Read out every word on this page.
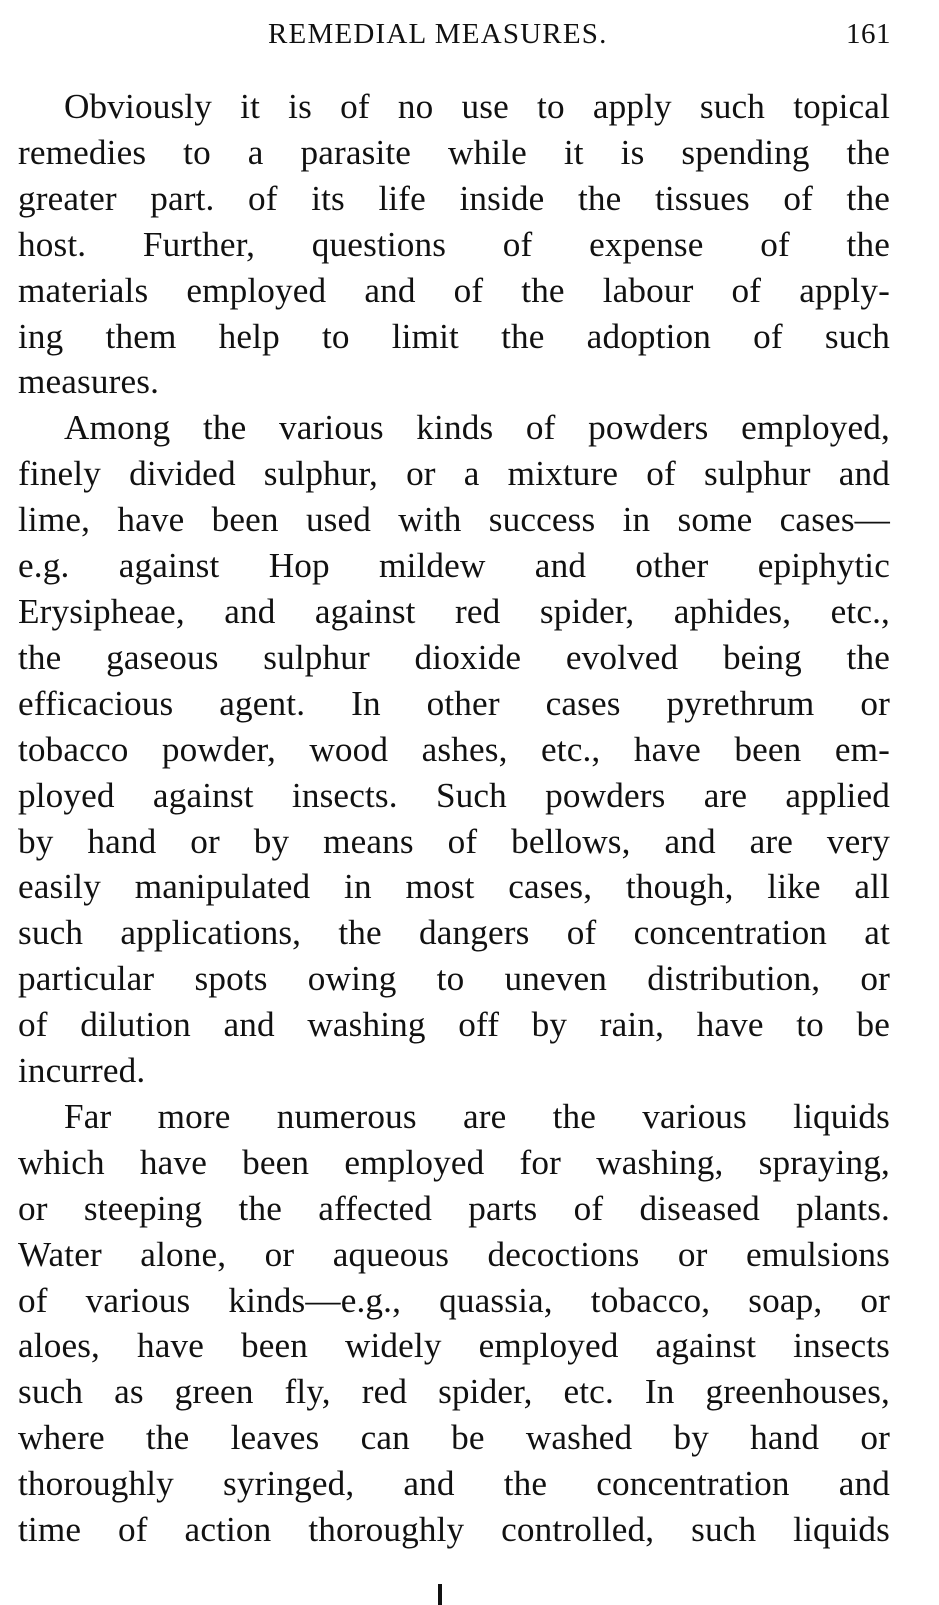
REMEDIAL MEASURES.	161
Obviously it is of no use to apply such topical
remedies to a parasite while it is spending the
greater part. of its life inside the tissues of the
host. Further, questions of expense of the
materials employed and of the labour of apply-
ing them help to limit the adoption of such
measures.
Among the various kinds of powders employed,
finely divided sulphur, or a mixture of sulphur and
lime, have been used with success in some cases—
e.g. against Hop mildew and other epiphytic
Erysipheae, and against red spider, aphides, etc.,
the gaseous sulphur dioxide evolved being the
efficacious agent. In other cases pyrethrum or
tobacco powder, wood ashes, etc., have been em-
ployed against insects. Such powders are applied
by hand or by means of bellows, and are very
easily manipulated in most cases, though, like all
such applications, the dangers of concentration at
particular spots owing to uneven distribution, or
of dilution and washing off by rain, have to be
incurred.
Far more numerous are the various liquids
which have been employed for washing, spraying,
or steeping the affected parts of diseased plants.
Water alone, or aqueous decoctions or emulsions
of various kinds—e.g., quassia, tobacco, soap, or
aloes, have been widely employed against insects
such as green fly, red spider, etc. In greenhouses,
where the leaves can be washed by hand or
thoroughly syringed, and the concentration and
time of action thoroughly controlled, such liquids
